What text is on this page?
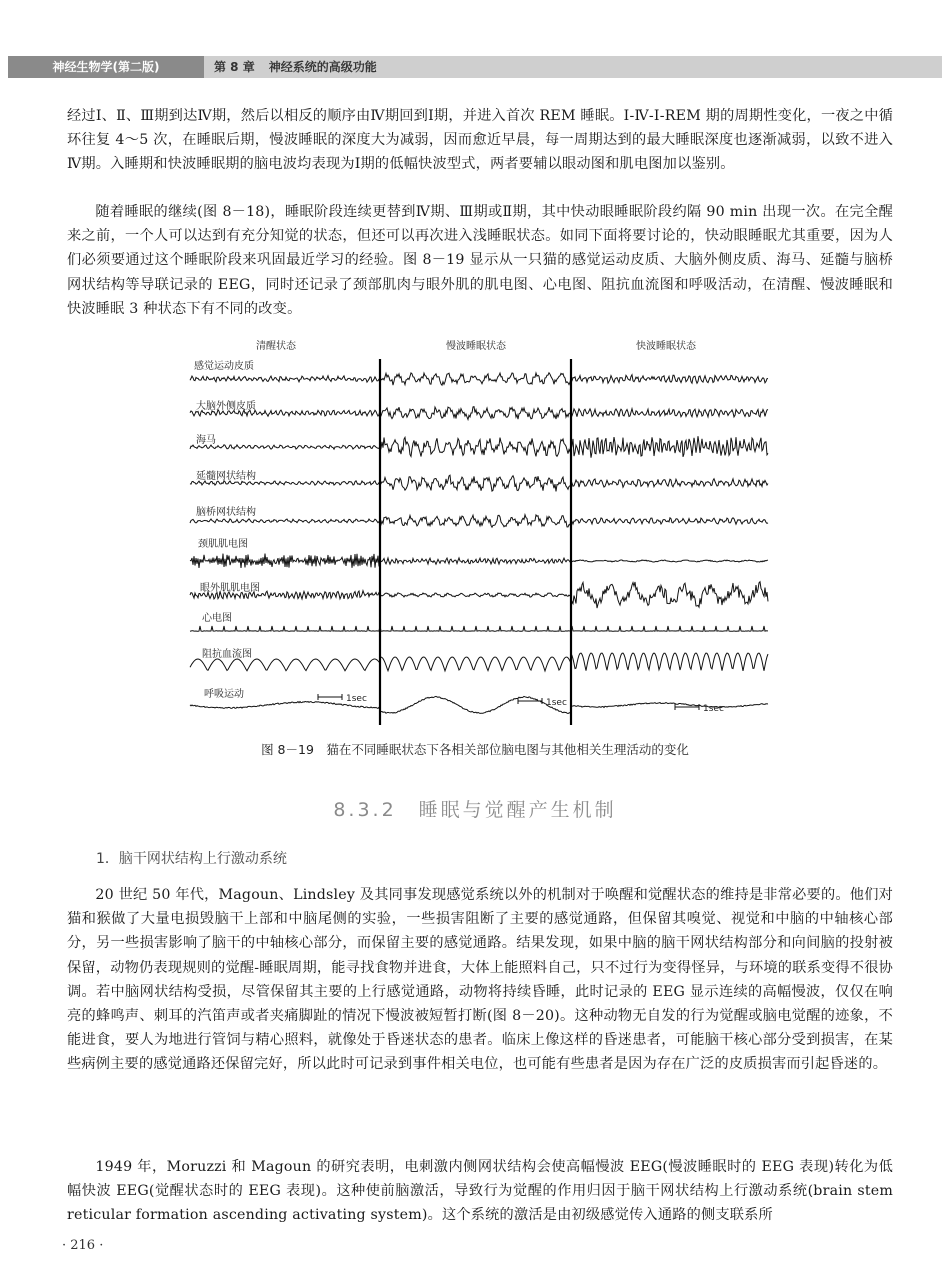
神经生物学(第二版)	第 8 章 神经系统的高级功能

经过Ⅰ、Ⅱ、Ⅲ期到达Ⅳ期，然后以相反的顺序由Ⅳ期回到Ⅰ期，并进入首次 REM 睡眠。Ⅰ-Ⅳ-Ⅰ-REM 期的周期性变化，一夜之中循环往复 4～5 次，在睡眠后期，慢波睡眠的深度大为减弱，因而愈近早晨，每一周期达到的最大睡眠深度也逐渐减弱，以致不进入Ⅳ期。入睡期和快波睡眠期的脑电波均表现为Ⅰ期的低幅快波型式，两者要辅以眼动图和肌电图加以鉴别。

随着睡眠的继续(图 8－18)，睡眠阶段连续更替到Ⅳ期、Ⅲ期或Ⅱ期，其中快动眼睡眠阶段约隔 90 min 出现一次。在完全醒来之前，一个人可以达到有充分知觉的状态，但还可以再次进入浅睡眠状态。如同下面将要讨论的，快动眼睡眠尤其重要，因为人们必须要通过这个睡眠阶段来巩固最近学习的经验。图 8－19 显示从一只猫的感觉运动皮质、大脑外侧皮质、海马、延髓与脑桥网状结构等导联记录的 EEG，同时还记录了颈部肌肉与眼外肌的肌电图、心电图、阻抗血流图和呼吸活动，在清醒、慢波睡眠和快波睡眠 3 种状态下有不同的改变。

清醒状态	慢波睡眠状态	快波睡眠状态
感觉运动皮质
大脑外侧皮质
海马
延髓网状结构
脑桥网状结构
颈肌肌电图
眼外肌肌电图
心电图
阻抗血流图
呼吸运动	1sec	1sec
1sec
图 8－19　猫在不同睡眠状态下各相关部位脑电图与其他相关生理活动的变化
8.3.2　睡眠与觉醒产生机制
1．脑干网状结构上行激动系统

20 世纪 50 年代，Magoun、Lindsley 及其同事发现感觉系统以外的机制对于唤醒和觉醒状态的维持是非常必要的。他们对猫和猴做了大量电损毁脑干上部和中脑尾侧的实验，一些损害阻断了主要的感觉通路，但保留其嗅觉、视觉和中脑的中轴核心部分，另一些损害影响了脑干的中轴核心部分，而保留主要的感觉通路。结果发现，如果中脑的脑干网状结构部分和向间脑的投射被保留，动物仍表现规则的觉醒-睡眠周期，能寻找食物并进食，大体上能照料自己，只不过行为变得怪异，与环境的联系变得不很协调。若中脑网状结构受损，尽管保留其主要的上行感觉通路，动物将持续昏睡，此时记录的 EEG 显示连续的高幅慢波，仅仅在响亮的蜂鸣声、刺耳的汽笛声或者夹痛脚趾的情况下慢波被短暂打断(图 8－20)。这种动物无自发的行为觉醒或脑电觉醒的迹象，不能进食，要人为地进行管饲与精心照料，就像处于昏迷状态的患者。临床上像这样的昏迷患者，可能脑干核心部分受到损害，在某些病例主要的感觉通路还保留完好，所以此时可记录到事件相关电位，也可能有些患者是因为存在广泛的皮质损害而引起昏迷的。

1949 年，Moruzzi 和 Magoun 的研究表明，电刺激内侧网状结构会使高幅慢波 EEG(慢波睡眠时的 EEG 表现)转化为低幅快波 EEG(觉醒状态时的 EEG 表现)。这种使前脑激活，导致行为觉醒的作用归因于脑干网状结构上行激动系统(brain stem reticular formation ascending activating system)。这个系统的激活是由初级感觉传入通路的侧支联系所

· 216 ·
